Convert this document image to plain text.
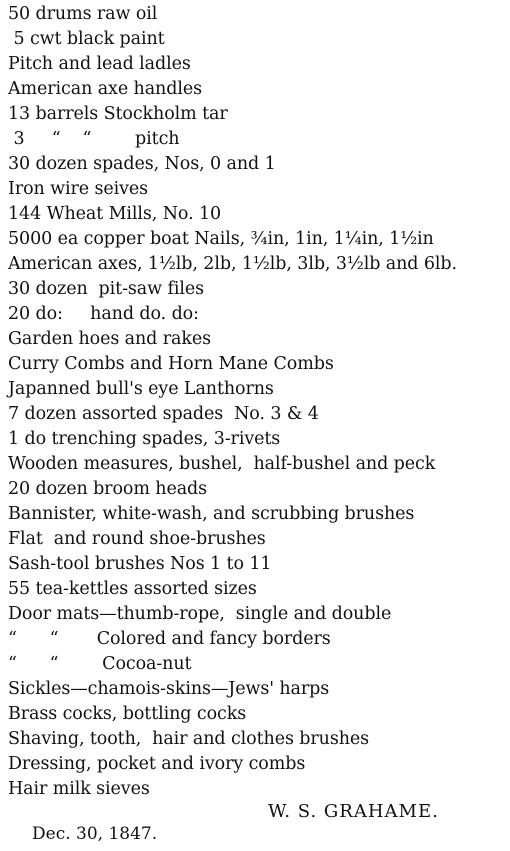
50 drums raw oil
5 cwt black paint
Pitch and lead ladles
American axe handles
13 barrels Stockholm tar
3     “    “        pitch
30 dozen spades, Nos, 0 and 1
Iron wire seives
144 Wheat Mills, No. 10
5000 ea copper boat Nails, ¾in, 1in, 1¼in, 1½in
American axes, 1½lb, 2lb, 1½lb, 3lb, 3½lb and 6lb.
30 dozen  pit-saw files
20 do:     hand do. do:
Garden hoes and rakes
Curry Combs and Horn Mane Combs
Japanned bull's eye Lanthorns
7 dozen assorted spades  No. 3 & 4
1 do trenching spades, 3-rivets
Wooden measures, bushel,  half-bushel and peck
20 dozen broom heads
Bannister, white-wash, and scrubbing brushes
Flat  and round shoe-brushes
Sash-tool brushes Nos 1 to 11
55 tea-kettles assorted sizes
Door mats—thumb-rope,  single and double
“      “       Colored and fancy borders
“      “        Cocoa-nut
Sickles—chamois-skins—Jews' harps
Brass cocks, bottling cocks
Shaving, tooth,  hair and clothes brushes
Dressing, pocket and ivory combs
Hair milk sieves
W. S. GRAHAME.
Dec. 30, 1847.
